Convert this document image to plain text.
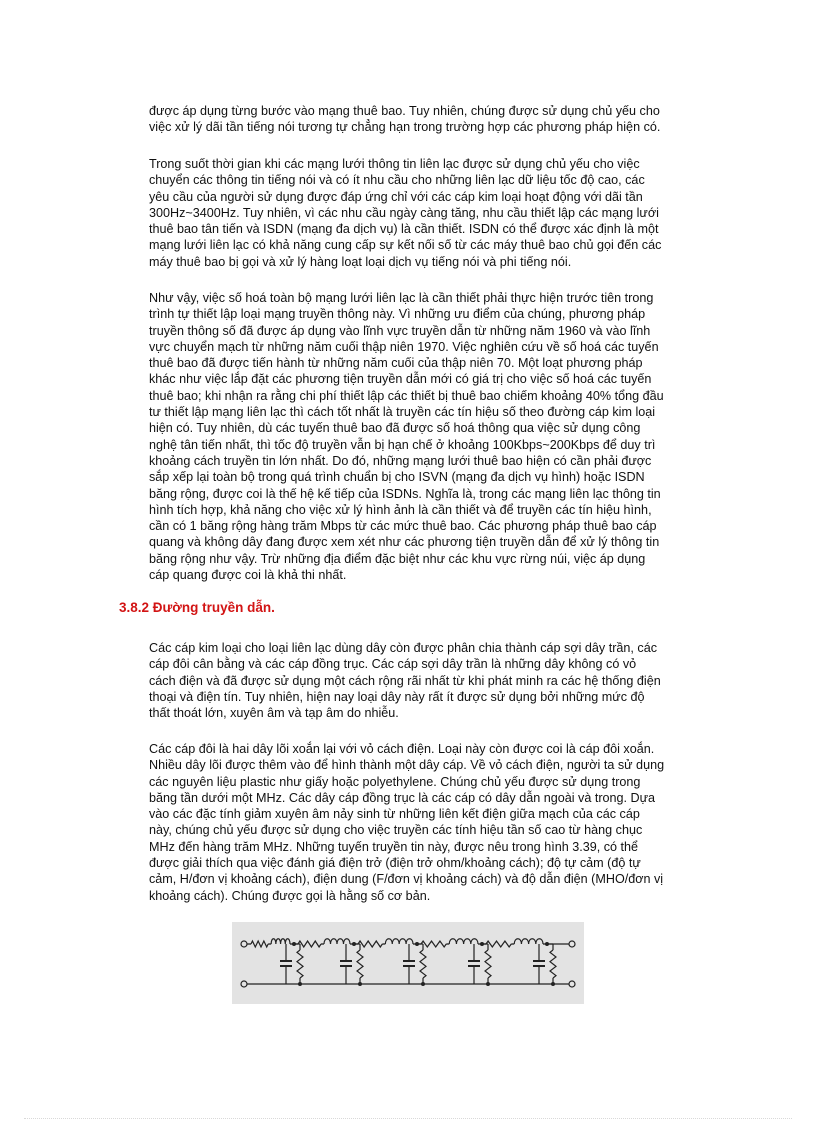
được áp dụng từng bước vào mạng thuê bao. Tuy nhiên, chúng được sử dụng chủ yếu cho
việc xử lý dãi tần tiếng nói tương tự chẳng hạn trong trường hợp các phương pháp hiện có.
Trong suốt thời gian khi các mạng lưới thông tin liên lạc được sử dụng chủ yếu cho việc
chuyển các thông tin tiếng nói và có ít nhu cầu cho những liên lạc dữ liệu tốc độ cao, các
yêu cầu của người sử dụng được đáp ứng chỉ với các cáp kim loại hoạt động với dãi tần
300Hz~3400Hz. Tuy nhiên, vì các nhu cầu ngày càng tăng, nhu cầu thiết lập các mạng lưới
thuê bao tân tiến và ISDN (mạng đa dịch vụ) là cần thiết. ISDN có thể được xác định là một
mạng lưới liên lạc có khả năng cung cấp sự kết nối số từ các máy thuê bao chủ gọi đến các
máy thuê bao bị gọi và xử lý hàng loạt loại dịch vụ tiếng nói và phi tiếng nói.
Như vậy, việc số hoá toàn bộ mạng lưới liên lạc là cần thiết phải thực hiện trước tiên trong
trình tự thiết lập loại mạng truyền thông này. Vì những ưu điểm của chúng, phương pháp
truyền thông số đã được áp dụng vào lĩnh vực truyền dẫn từ những năm 1960 và vào lĩnh
vực chuyển mạch từ những năm cuối thập niên 1970. Việc nghiên cứu về số hoá các tuyến
thuê bao đã được tiến hành từ những năm cuối của thập niên 70. Một loạt phương pháp
khác như việc lắp đặt các phương tiện truyền dẫn mới có giá trị cho việc số hoá các tuyến
thuê bao; khi nhận ra rằng chi phí thiết lập các thiết bị thuê bao chiếm khoảng 40% tổng đầu
tư thiết lập mạng liên lạc thì cách tốt nhất là truyền các tín hiệu số theo đường cáp kim loại
hiện có. Tuy nhiên, dù các tuyến thuê bao đã được số hoá thông qua việc sử dụng công
nghệ tân tiến nhất, thì tốc độ truyền vẫn bị hạn chế ở khoảng 100Kbps~200Kbps để duy trì
khoảng cách truyền tin lớn nhất. Do đó, những mạng lưới thuê bao hiện có cần phải được
sắp xếp lại toàn bộ trong quá trình chuẩn bị cho ISVN (mạng đa dịch vụ hình) hoặc ISDN
băng rộng, được coi là thế hệ kế tiếp của ISDNs. Nghĩa là, trong các mạng liên lạc thông tin
hình tích hợp, khả năng cho việc xử lý hình ảnh là cần thiết và để truyền các tín hiệu hình,
cần có 1 băng rộng hàng trăm Mbps từ các mức thuê bao. Các phương pháp thuê bao cáp
quang và không dây đang được xem xét như các phương tiện truyền dẫn để xử lý thông tin
băng rộng như vậy. Trừ những địa điểm đặc biệt như các khu vực rừng núi, việc áp dụng
cáp quang được coi là khả thi nhất.
3.8.2 Đường truyền dẫn.
Các cáp kim loại cho loại liên lạc dùng dây còn được phân chia thành cáp sợi dây trần, các
cáp đôi cân bằng và các cáp đồng trục. Các cáp sợi dây trần là những dây không có vỏ
cách điện và đã được sử dụng một cách rộng rãi nhất từ khi phát minh ra các hệ thống điện
thoại và điện tín. Tuy nhiên, hiện nay loại dây này rất ít được sử dụng bởi những mức độ
thất thoát lớn, xuyên âm và tạp âm do nhiễu.
Các cáp đôi là hai dây lõi xoắn lại với vỏ cách điện. Loại này còn được coi là cáp đôi xoắn.
Nhiều dây lõi được thêm vào để hình thành một dây cáp. Về vỏ cách điện, người ta sử dụng
các nguyên liệu plastic như giấy hoặc polyethylene. Chúng chủ yếu được sử dụng trong
băng tần dưới một MHz. Các dây cáp đồng trục là các cáp có dây dẫn ngoài và trong. Dựa
vào các đặc tính giảm xuyên âm nảy sinh từ những liên kết điện giữa mạch của các cáp
này, chúng chủ yếu được sử dụng cho việc truyền các tính hiệu tần số cao từ hàng chục
MHz đến hàng trăm MHz. Những tuyến truyền tin này, được nêu trong hình 3.39, có thể
được giải thích qua việc đánh giá điện trở (điện trở ohm/khoảng cách); độ tự cảm (độ tự
cảm, H/đơn vị khoảng cách), điện dung (F/đơn vị khoảng cách) và độ dẫn điện (MHO/đơn vị
khoảng cách). Chúng được gọi là hằng số cơ bản.
